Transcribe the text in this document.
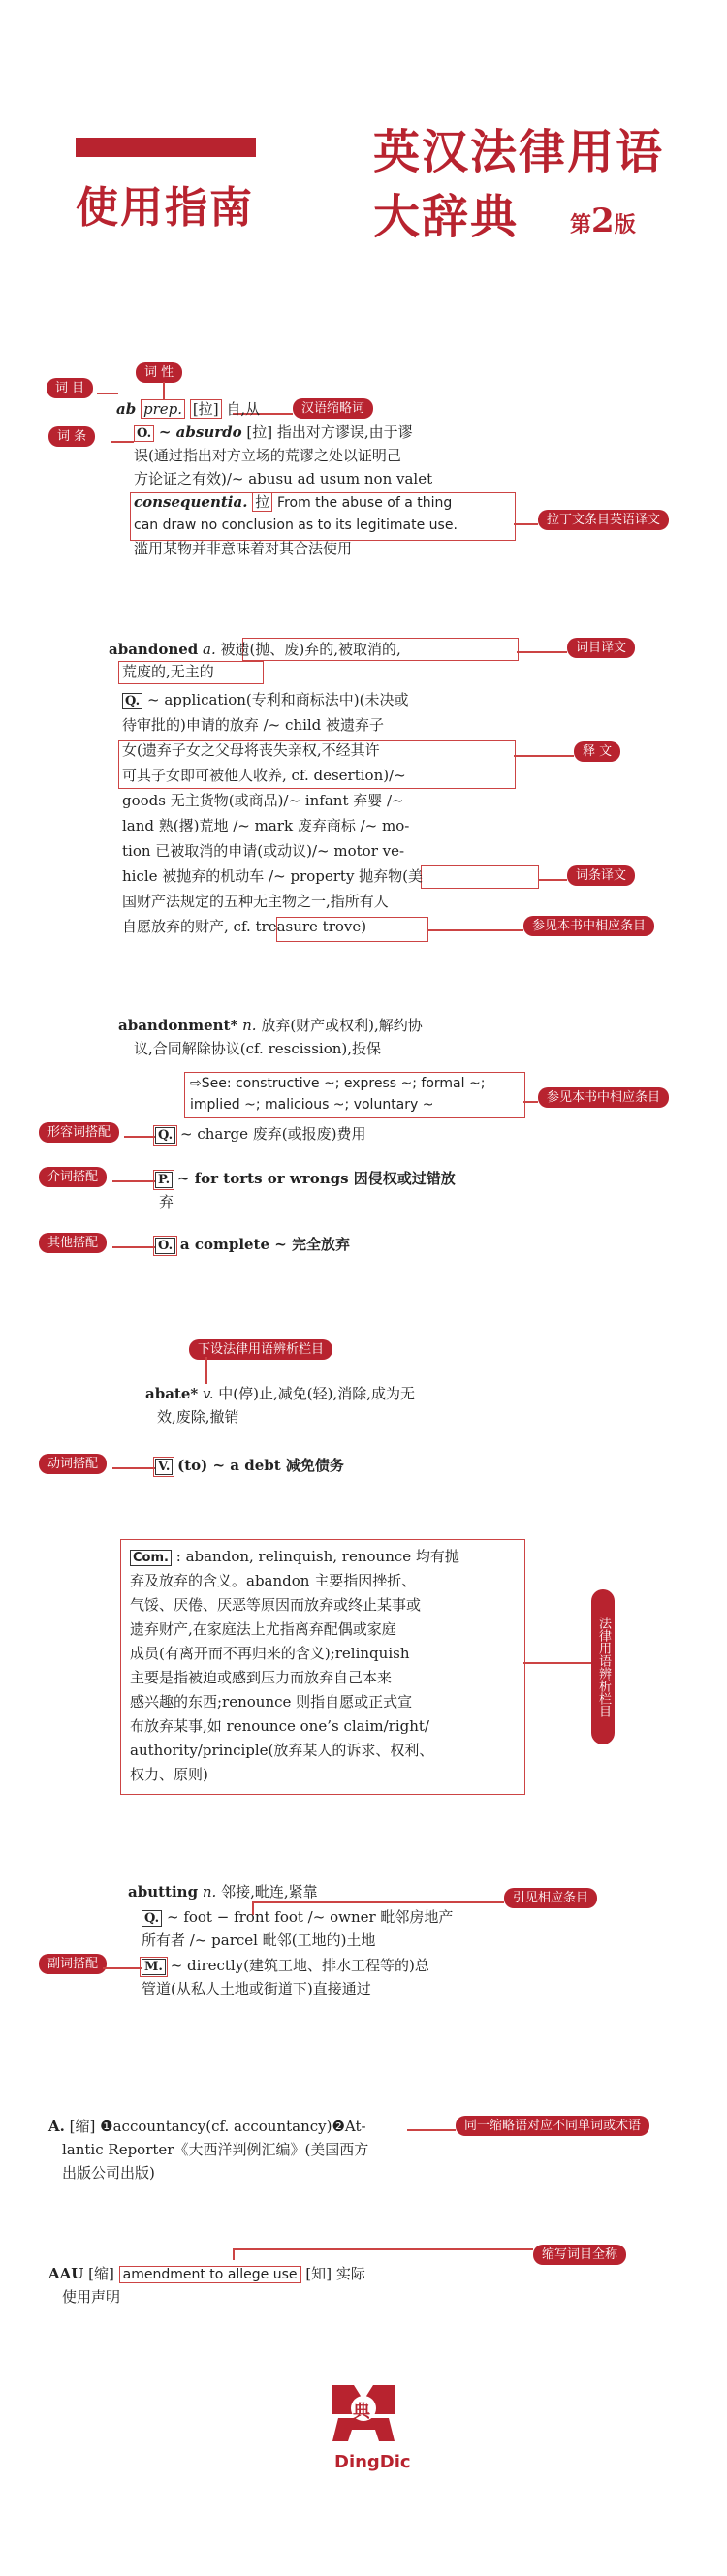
使用指南
英汉法律用语
大辞典 第2版
词 目
词 性
汉语缩略词
词 条
拉丁文条目英语译文
ab prep. [拉] 自,从
O. ~ absurdo [拉] 指出对方谬误,由于谬
误(通过指出对方立场的荒谬之处以证明己
方论证之有效)/~ abusu ad usum non valet
consequentia. 拉 From the abuse of a thing
can draw no conclusion as to its legitimate use.
滥用某物并非意味着对其合法使用
词目译文
释 文
词条译文
参见本书中相应条目
abandoned a. 被遗(抛、废)弃的,被取消的,
荒废的,无主的
Q. ~ application(专利和商标法中)(未决或
待审批的)申请的放弃 /~ child 被遗弃子
女(遗弃子女之父母将丧失亲权,不经其许
可其子女即可被他人收养, cf. desertion)/~
goods 无主货物(或商品)/~ infant 弃婴 /~
land 熟(撂)荒地 /~ mark 废弃商标 /~ mo-
tion 已被取消的申请(或动议)/~ motor ve-
hicle 被抛弃的机动车 /~ property 抛弃物(美
国财产法规定的五种无主物之一,指所有人
自愿放弃的财产, cf. treasure trove)
abandonment* n. 放弃(财产或权利),解约协
议,合同解除协议(cf. rescission),投保
⇨See: constructive ~; express ~; formal ~;
implied ~; malicious ~; voluntary ~	参见本书中相应条目
形容词搭配	Q. ~ charge 废弃(或报废)费用
介词搭配	P. ~ for torts or wrongs 因侵权或过错放
弃
其他搭配	O. a complete ~ 完全放弃
下设法律用语辨析栏目
abate* v. 中(停)止,减免(轻),消除,成为无
效,废除,撤销
动词搭配	V. (to) ~ a debt 减免债务
法律用语辨析栏目
Com. : abandon, relinquish, renounce 均有抛
弃及放弃的含义。abandon 主要指因挫折、
气馁、厌倦、厌恶等原因而放弃或终止某事或
遗弃财产,在家庭法上尤指离弃配偶或家庭
成员(有离开而不再归来的含义);relinquish
主要是指被迫或感到压力而放弃自己本来
感兴趣的东西;renounce 则指自愿或正式宣
布放弃某事,如 renounce one’s claim/right/
authority/principle(放弃某人的诉求、权利、
权力、原则)
引见相应条目
abutting n. 邻接,毗连,紧靠
Q. ~ foot − front foot /~ owner 毗邻房地产
所有者 /~ parcel 毗邻(工地的)土地
副词搭配	M. ~ directly(建筑工地、排水工程等的)总
管道(从私人土地或街道下)直接通过
同一缩略语对应不同单词或术语
A. [缩] ❶accountancy(cf. accountancy)❷At-
lantic Reporter《大西洋判例汇编》(美国西方
出版公司出版)
缩写词目全称
AAU [缩] amendment to allege use [知] 实际
使用声明
典
DingDic
